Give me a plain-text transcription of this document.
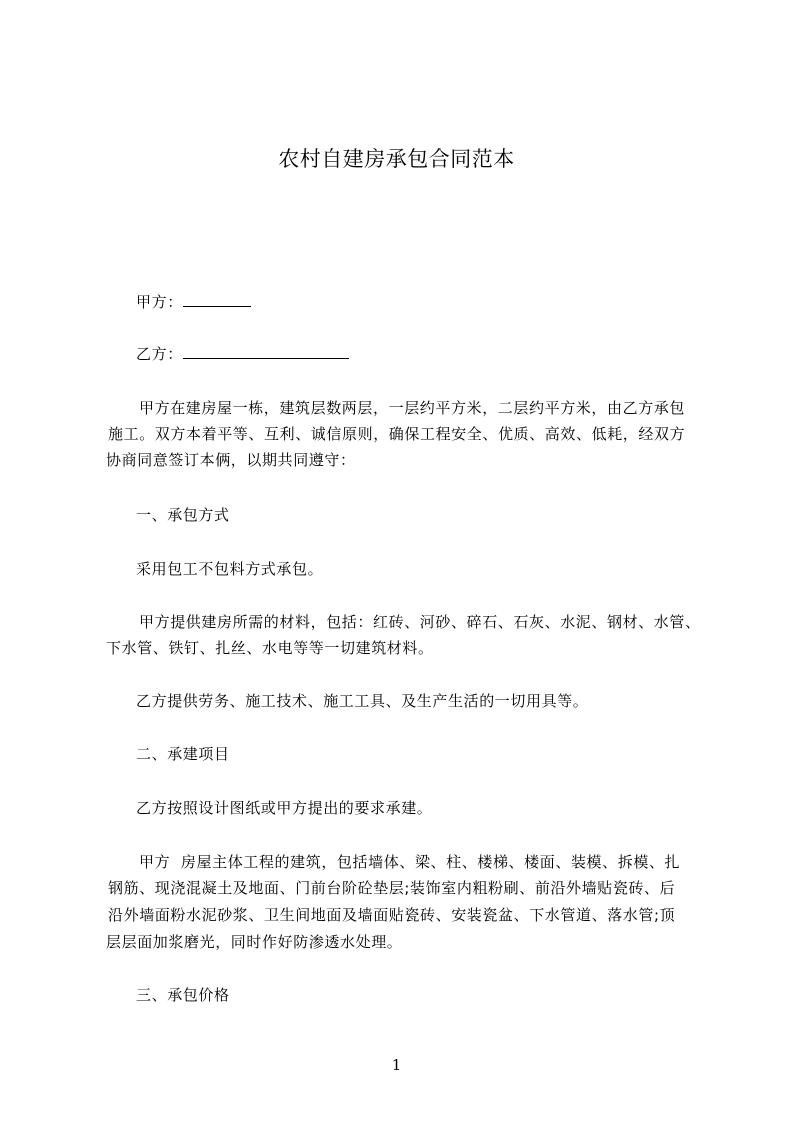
农村自建房承包合同范本
甲方：
乙方：
甲方在建房屋一栋，建筑层数两层，一层约平方米，二层约平方米，由乙方承包
施工。双方本着平等、互利、诚信原则，确保工程安全、优质、高效、低耗，经双方
协商同意签订本俩，以期共同遵守：
一、承包方式
采用包工不包料方式承包。
甲方提供建房所需的材料，包括：红砖、河砂、碎石、石灰、水泥、钢材、水管、
下水管、铁钉、扎丝、水电等等一切建筑材料。
乙方提供劳务、施工技术、施工工具、及生产生活的一切用具等。
二、承建项目
乙方按照设计图纸或甲方提出的要求承建。
甲方  房屋主体工程的建筑，包括墙体、梁、柱、楼梯、楼面、装模、拆模、扎
钢筋、现浇混凝土及地面、门前台阶砼垫层;装饰室内粗粉刷、前沿外墙贴瓷砖、后
沿外墙面粉水泥砂浆、卫生间地面及墙面贴瓷砖、安装瓷盆、下水管道、落水管;顶
层层面加浆磨光，同时作好防渗透水处理。
三、承包价格
1
